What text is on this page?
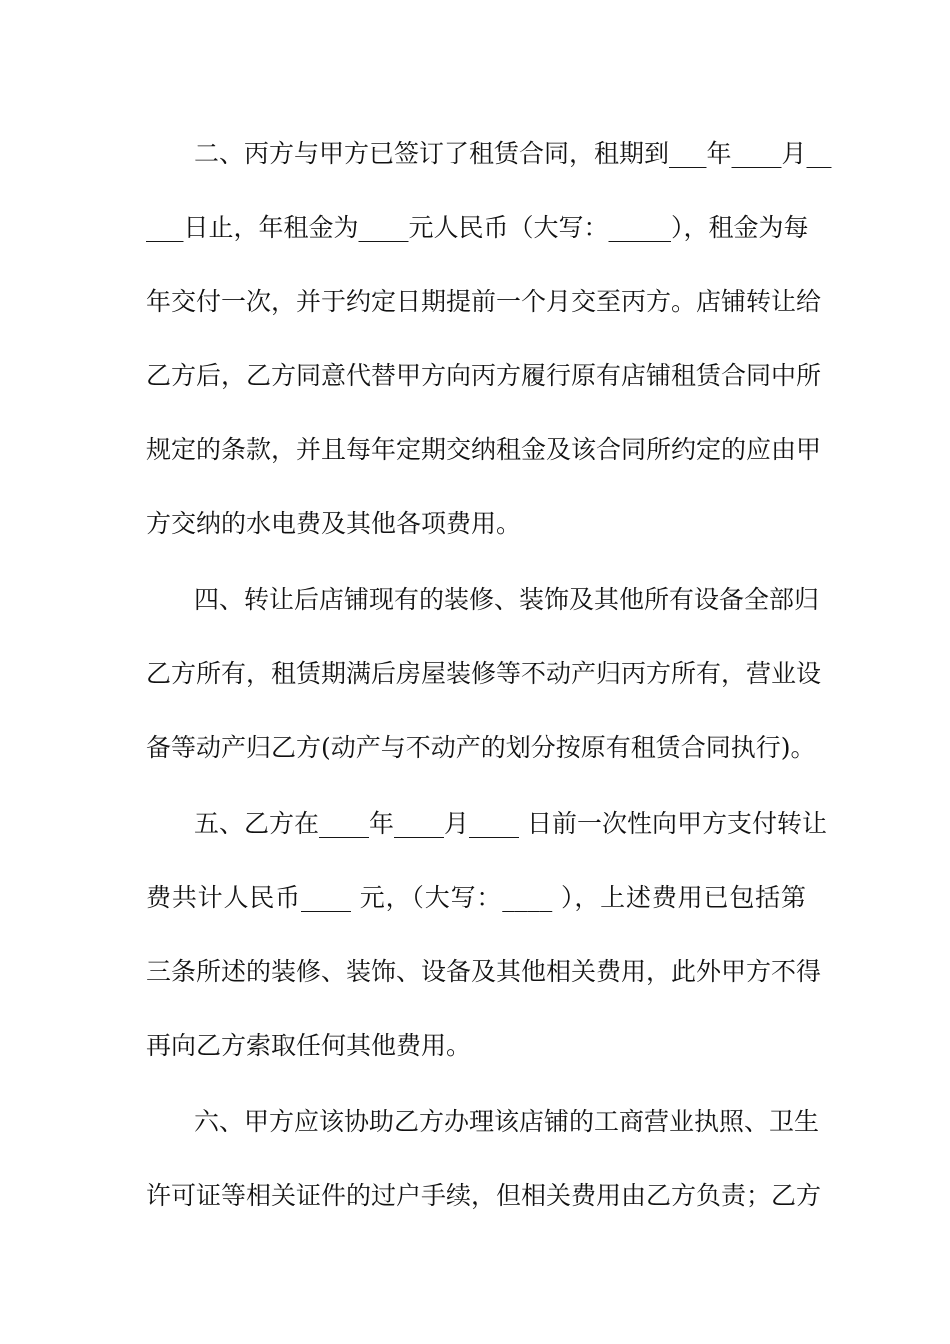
二、丙方与甲方已签订了租赁合同，租期到___年____月__

___日止，年租金为____元人民币（大写：_____），租金为每

年交付一次，并于约定日期提前一个月交至丙方。店铺转让给

乙方后，乙方同意代替甲方向丙方履行原有店铺租赁合同中所

规定的条款，并且每年定期交纳租金及该合同所约定的应由甲

方交纳的水电费及其他各项费用。

四、转让后店铺现有的装修、装饰及其他所有设备全部归

乙方所有，租赁期满后房屋装修等不动产归丙方所有，营业设

备等动产归乙方(动产与不动产的划分按原有租赁合同执行)。

五、乙方在____年____月____ 日前一次性向甲方支付转让

费共计人民币____ 元，（大写：____ ），上述费用已包括第

三条所述的装修、装饰、设备及其他相关费用，此外甲方不得

再向乙方索取任何其他费用。

六、甲方应该协助乙方办理该店铺的工商营业执照、卫生

许可证等相关证件的过户手续，但相关费用由乙方负责；乙方
